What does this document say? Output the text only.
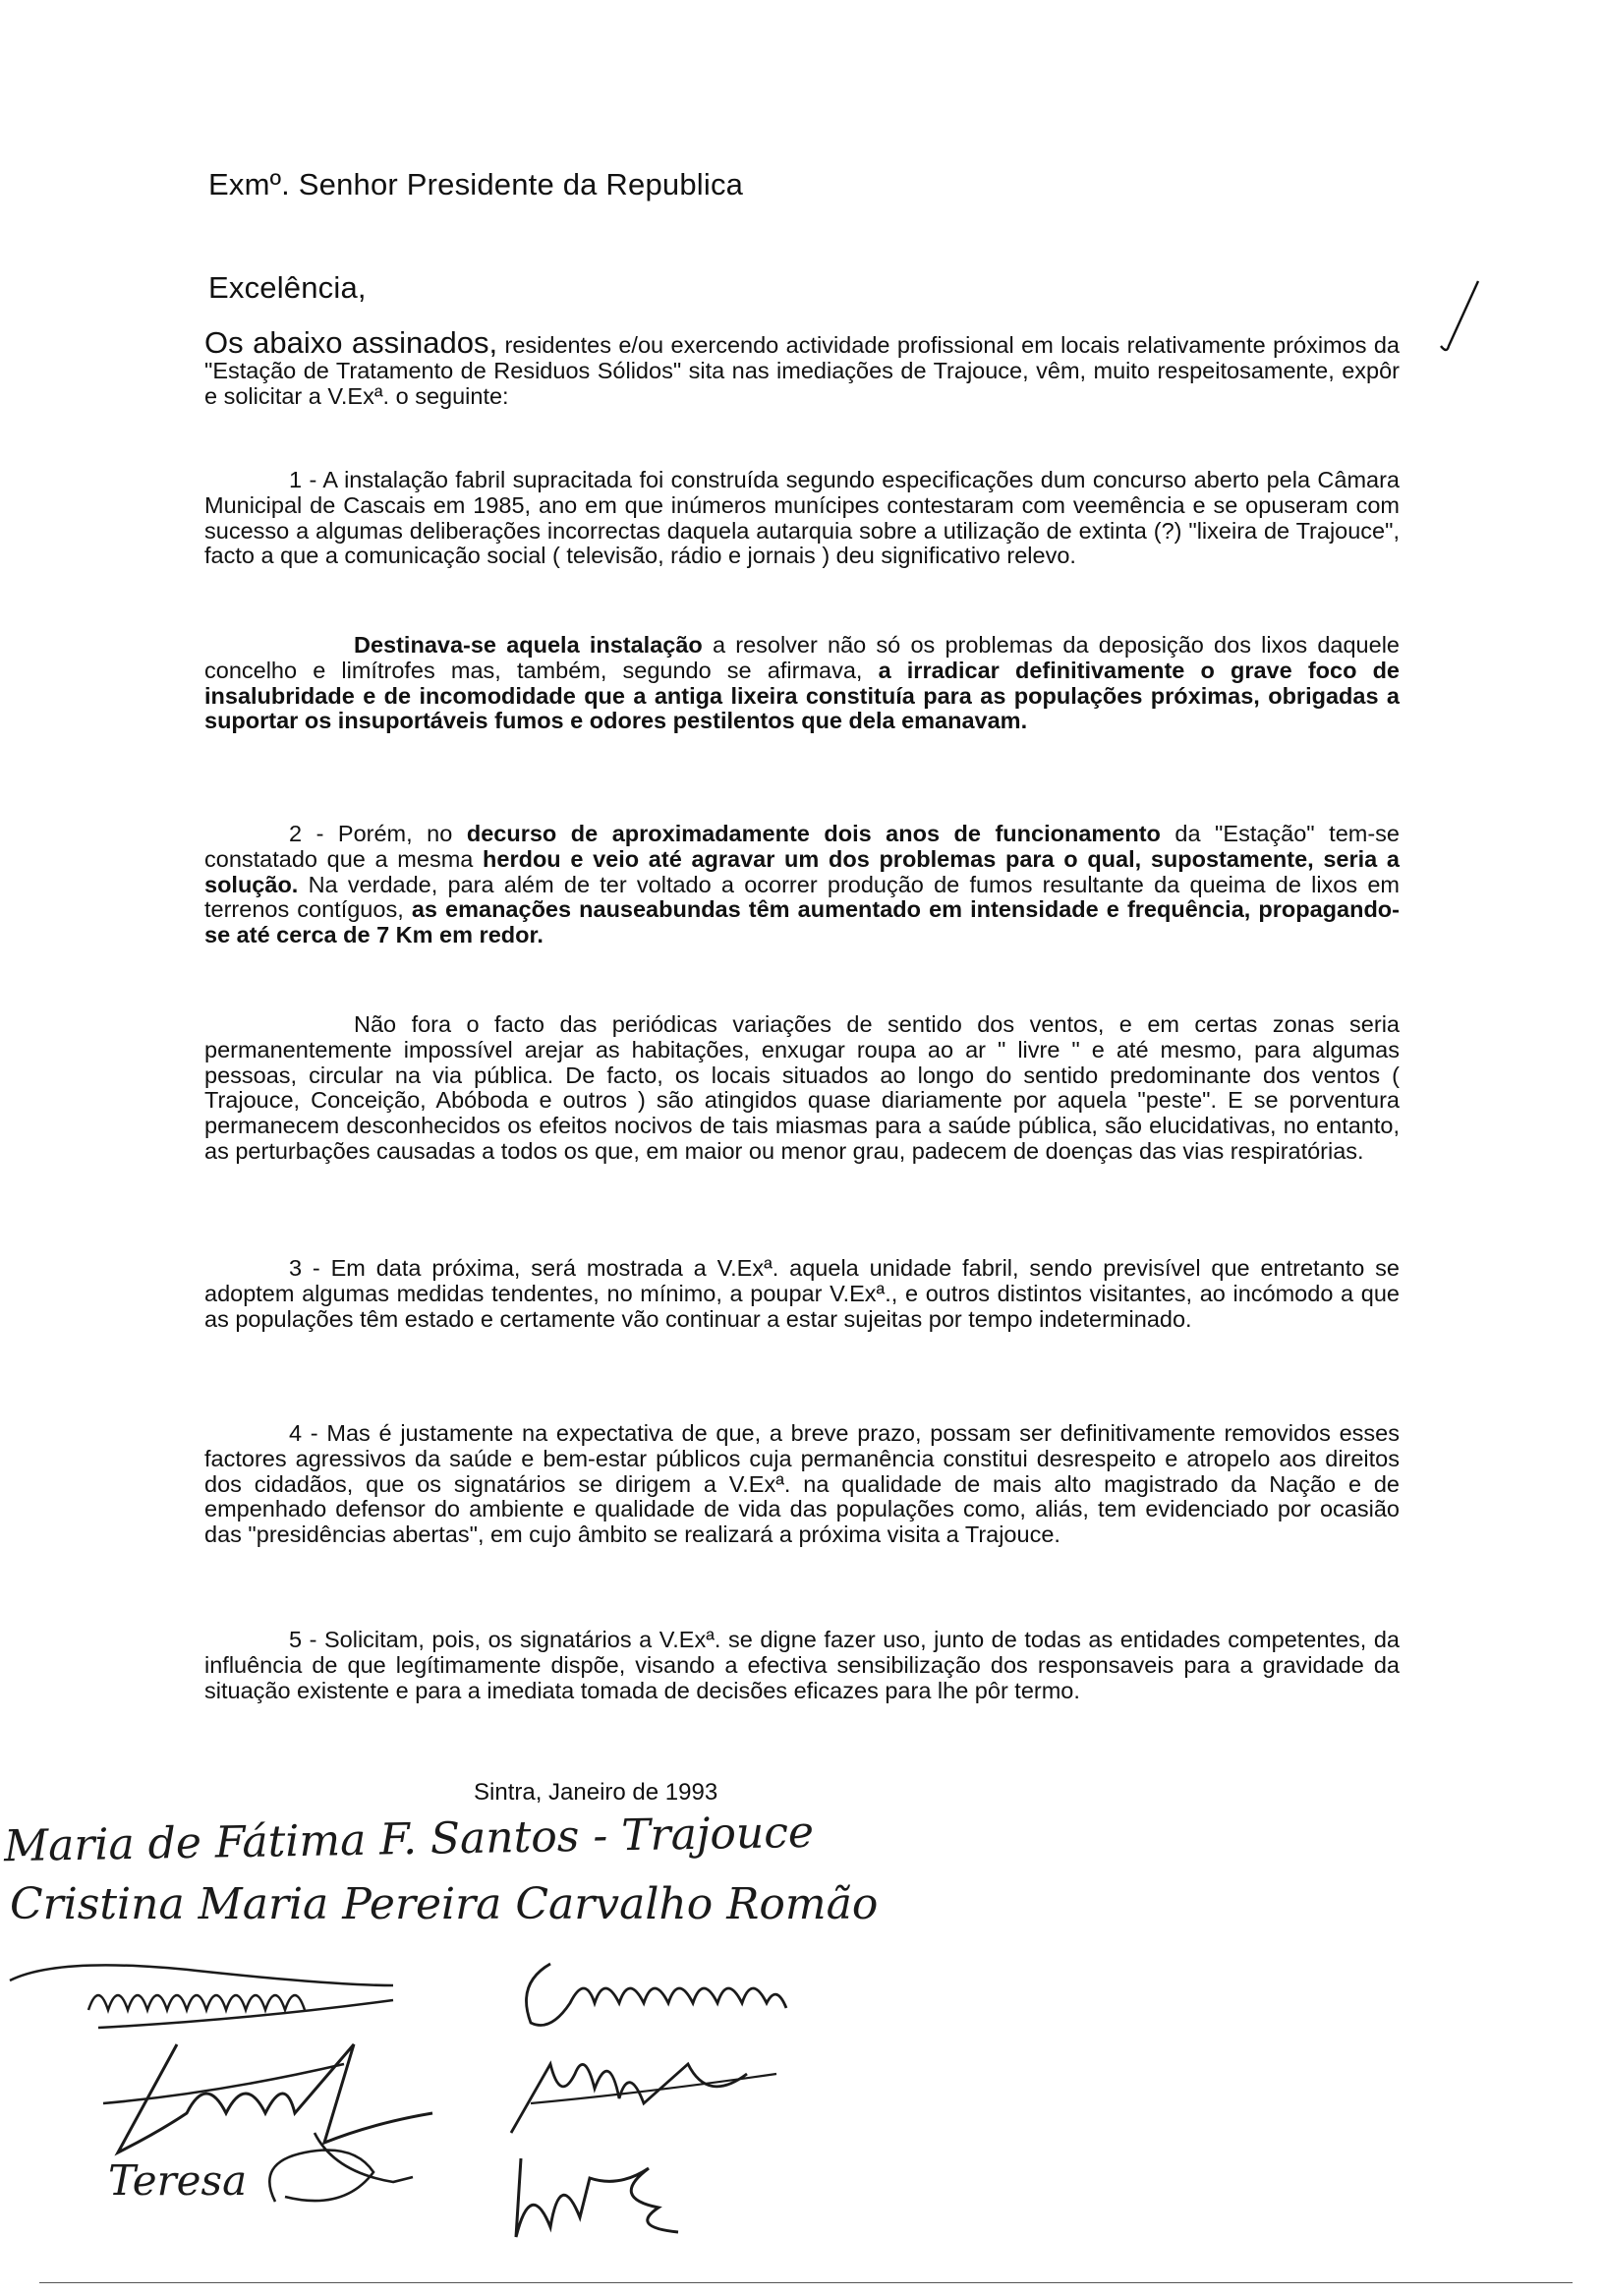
Exmº. Senhor Presidente da Republica
Excelência,

Os abaixo assinados, residentes e/ou exercendo actividade profissional em locais relativamente próximos da "Estação de Tratamento de Residuos Sólidos" sita nas imediações de Trajouce, vêm, muito respeitosamente, expôr e solicitar a V.Exª. o seguinte:

1 - A instalação fabril supracitada foi construída segundo especificações dum concurso aberto pela Câmara Municipal de Cascais em 1985, ano em que inúmeros munícipes contestaram com veemência e se opuseram com sucesso a algumas deliberações incorrectas daquela autarquia sobre a utilização de extinta (?) "lixeira de Trajouce", facto a que a comunicação social ( televisão, rádio e jornais ) deu significativo relevo.

Destinava-se aquela instalação a resolver não só os problemas da deposição dos lixos daquele concelho e limítrofes mas, também, segundo se afirmava, a irradicar definitivamente o grave foco de insalubridade e de incomodidade que a antiga lixeira constituía para as populações próximas, obrigadas a suportar os insuportáveis fumos e odores pestilentos que dela emanavam.

2 - Porém, no decurso de aproximadamente dois anos de funcionamento da "Estação" tem-se constatado que a mesma herdou e veio até agravar um dos problemas para o qual, supostamente, seria a solução. Na verdade, para além de ter voltado a ocorrer produção de fumos resultante da queima de lixos em terrenos contíguos, as emanações nauseabundas têm aumentado em intensidade e frequência, propagando-se até cerca de 7 Km em redor.

Não fora o facto das periódicas variações de sentido dos ventos, e em certas zonas seria permanentemente impossível arejar as habitações, enxugar roupa ao ar " livre " e até mesmo, para algumas pessoas, circular na via pública. De facto, os locais situados ao longo do sentido predominante dos ventos ( Trajouce, Conceição, Abóboda e outros ) são atingidos quase diariamente por aquela "peste". E se porventura permanecem desconhecidos os efeitos nocivos de tais miasmas para a saúde pública, são elucidativas, no entanto, as perturbações causadas a todos os que, em maior ou menor grau, padecem de doenças das vias respiratórias.

3 - Em data próxima, será mostrada a V.Exª. aquela unidade fabril, sendo previsível que entretanto se adoptem algumas medidas tendentes, no mínimo, a poupar V.Exª., e outros distintos visitantes, ao incómodo a que as populações têm estado e certamente vão continuar a estar sujeitas por tempo indeterminado.

4 - Mas é justamente na expectativa de que, a breve prazo, possam ser definitivamente removidos esses factores agressivos da saúde e bem-estar públicos cuja permanência constitui desrespeito e atropelo aos direitos dos cidadãos, que os signatários se dirigem a V.Exª. na qualidade de mais alto magistrado da Nação e de empenhado defensor do ambiente e qualidade de vida das populações como, aliás, tem evidenciado por ocasião das "presidências abertas", em cujo âmbito se realizará a próxima visita a Trajouce.

5 - Solicitam, pois, os signatários a V.Exª. se digne fazer uso, junto de todas as entidades competentes, da influência de que legítimamente dispõe, visando a efectiva sensibilização dos responsaveis para a gravidade da situação existente e para a imediata tomada de decisões eficazes para lhe pôr termo.

Sintra, Janeiro de 1993
Maria de Fátima F. Santos - Trajouce
Cristina Maria Pereira Carvalho Romão
Teresa
